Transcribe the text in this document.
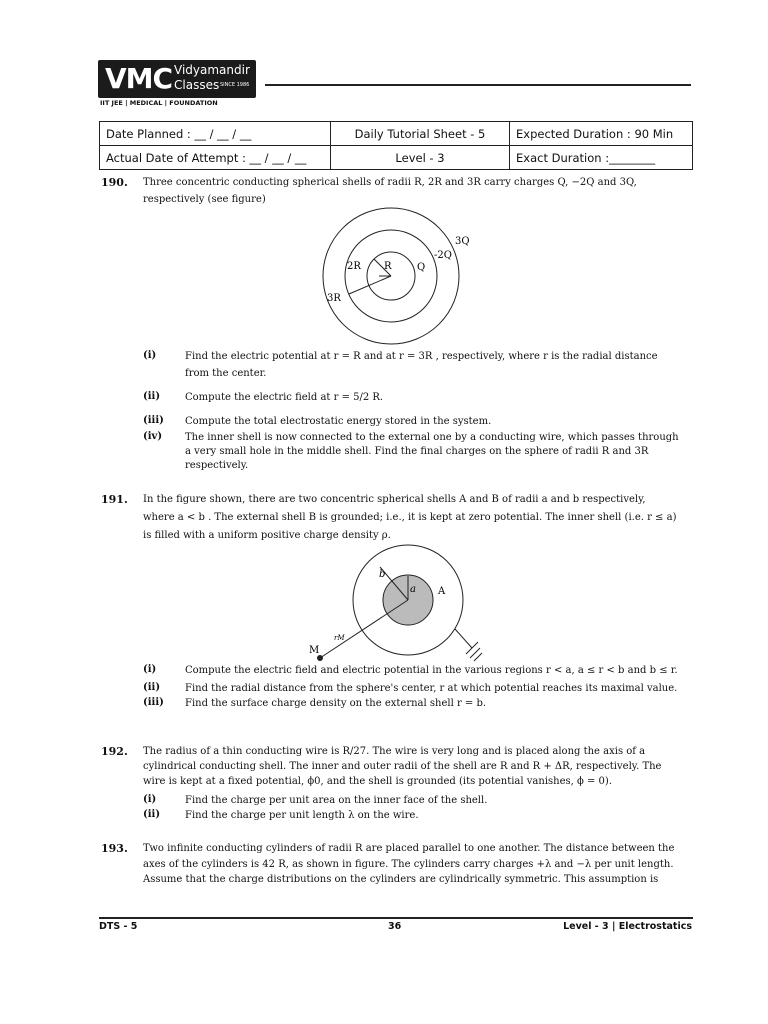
VMC Vidyamandir
Classes SINCE 1986
IIT JEE | MEDICAL | FOUNDATION
Date Planned : __ / __ / __	Daily Tutorial Sheet - 5	Expected Duration : 90 Min
Actual Date of Attempt : __ / __ / __	Level - 3	Exact Duration :________
190. Three concentric conducting spherical shells of radii R, 2R and 3R carry charges Q, −2Q and 3Q,
respectively (see figure)
3Q
-2Q
2R R	Q
3R
(i)	Find the electric potential at r = R and at r = 3R , respectively, where r is the radial distance
from the center.
(ii) Compute the electric field at r = 5/2 R.
(iii) Compute the total electrostatic energy stored in the system.
(iv) The inner shell is now connected to the external one by a conducting wire, which passes through
a very small hole in the middle shell. Find the final charges on the sphere of radii R and 3R
respectively.
191. In the figure shown, there are two concentric spherical shells A and B of radii a and b respectively,
where a < b . The external shell B is grounded; i.e., it is kept at zero potential. The inner shell (i.e. r ≤ a)
is filled with a uniform positive charge density ρ.
b
a A
rM
M
(i)	Compute the electric field and electric potential in the various regions r < a, a ≤ r < b and b ≤ r.
(ii) Find the radial distance from the sphere's center, r at which potential reaches its maximal value.
(iii) Find the surface charge density on the external shell r = b.
192. The radius of a thin conducting wire is R/27. The wire is very long and is placed along the axis of a
cylindrical conducting shell. The inner and outer radii of the shell are R and R + ΔR, respectively. The
wire is kept at a fixed potential, ϕ0, and the shell is grounded (its potential vanishes, ϕ = 0).
(i)	Find the charge per unit area on the inner face of the shell.
(ii) Find the charge per unit length λ on the wire.
193. Two infinite conducting cylinders of radii R are placed parallel to one another. The distance between the
axes of the cylinders is 42 R, as shown in figure. The cylinders carry charges +λ and −λ per unit length.
Assume that the charge distributions on the cylinders are cylindrically symmetric. This assumption is
DTS - 5	36	Level - 3 | Electrostatics
